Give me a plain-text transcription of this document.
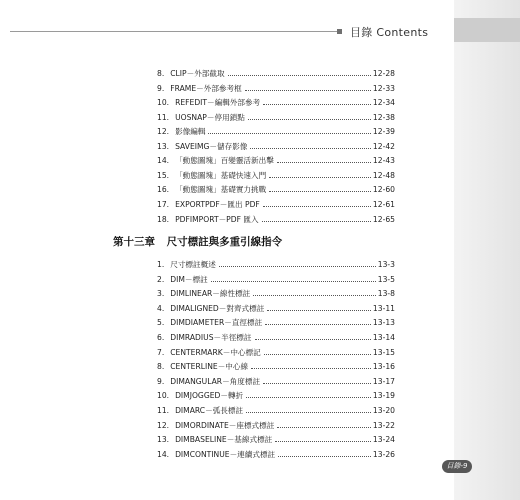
目錄 Contents
8. CLIP－外部截取	12-28
9. FRAME－外部參考框	12-33
10. REFEDIT－編輯外部參考	12-34
11. UOSNAP－停用鎖點	12-38
12. 影像編輯	12-39
13. SAVEIMG－儲存影像	12-42
14. 「動態圖塊」百變靈活新出擊	12-43
15. 「動態圖塊」基礎快速入門	12-48
16. 「動態圖塊」基礎實力挑戰	12-60
17. EXPORTPDF－匯出 PDF	12-61
18. PDFIMPORT－PDF 匯入	12-65
第十三章 尺寸標註與多重引線指令
1. 尺寸標註概述	13-3
2. DIM－標註	13-5
3. DIMLINEAR－線性標註	13-8
4. DIMALIGNED－對齊式標註	13-11
5. DIMDIAMETER－直徑標註	13-13
6. DIMRADIUS－半徑標註	13-14
7. CENTERMARK－中心標記	13-15
8. CENTERLINE－中心線	13-16
9. DIMANGULAR－角度標註	13-17
10. DIMJOGGED－轉折	13-19
11. DIMARC－弧長標註	13-20
12. DIMORDINATE－座標式標註	13-22
13. DIMBASELINE－基線式標註	13-24
14. DIMCONTINUE－連續式標註	13-26
目錄-9
